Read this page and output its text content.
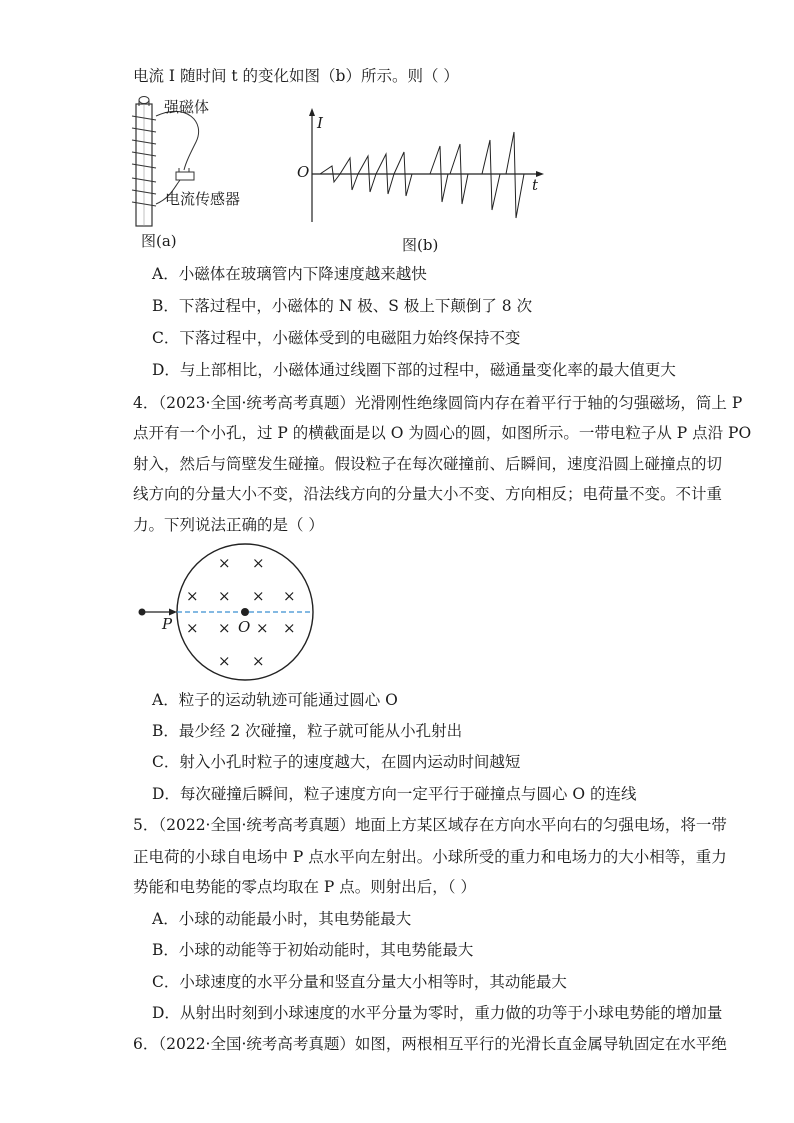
电流 I 随时间 t 的变化如图（b）所示。则（ ）
强磁体
电流传感器
图(a)
I
t
O
图(b)
A．小磁体在玻璃管内下降速度越来越快
B．下落过程中，小磁体的 N 极、S 极上下颠倒了 8 次
C．下落过程中，小磁体受到的电磁阻力始终保持不变
D．与上部相比，小磁体通过线圈下部的过程中，磁通量变化率的最大值更大
4．（2023·全国·统考高考真题）光滑刚性绝缘圆筒内存在着平行于轴的匀强磁场，筒上 P
点开有一个小孔，过 P 的横截面是以 O 为圆心的圆，如图所示。一带电粒子从 P 点沿 PO
射入，然后与筒壁发生碰撞。假设粒子在每次碰撞前、后瞬间，速度沿圆上碰撞点的切
线方向的分量大小不变，沿法线方向的分量大小不变、方向相反；电荷量不变。不计重
力。下列说法正确的是（ ）
× ×
× × × ×
× × × ×
× ×
P	O
A．粒子的运动轨迹可能通过圆心 O
B．最少经 2 次碰撞，粒子就可能从小孔射出
C．射入小孔时粒子的速度越大，在圆内运动时间越短
D．每次碰撞后瞬间，粒子速度方向一定平行于碰撞点与圆心 O 的连线
5．（2022·全国·统考高考真题）地面上方某区域存在方向水平向右的匀强电场，将一带
正电荷的小球自电场中 P 点水平向左射出。小球所受的重力和电场力的大小相等，重力
势能和电势能的零点均取在 P 点。则射出后，（ ）
A．小球的动能最小时，其电势能最大
B．小球的动能等于初始动能时，其电势能最大
C．小球速度的水平分量和竖直分量大小相等时，其动能最大
D．从射出时刻到小球速度的水平分量为零时，重力做的功等于小球电势能的增加量
6．（2022·全国·统考高考真题）如图，两根相互平行的光滑长直金属导轨固定在水平绝
